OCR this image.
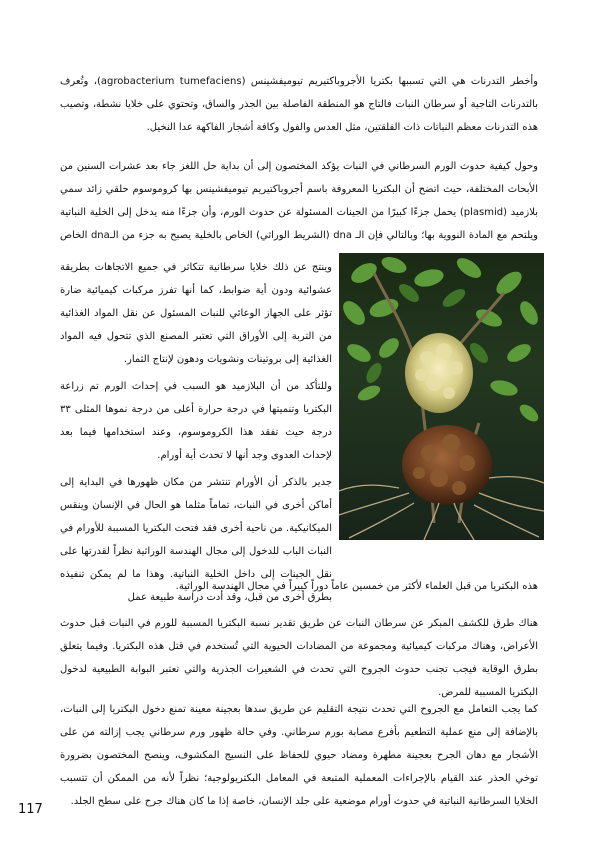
وأخطر التدرنات هي التي تسببها بكتريا الأجروباكتيريم تيوميفشينس (agrobacterium tumefaciens)، وتُعرف بالتدرنات التاجية أو سرطان النبات فالتاج هو المنطقة الفاصلة بين الجذر والساق، وتحتوي على خلايا نشطة، وتصيب هذه التدرنات معظم النباتات ذات الفلقتين، مثل العدس والفول وكافة أشجار الفاكهة عدا النخيل.

وحول كيفية حدوث الورم السرطاني في النبات يؤكد المختصون إلى أن بداية حل اللغز جاء بعد عشرات السنين من الأبحاث المختلفة، حيث اتضح أن البكتريا المعروفة باسم أجروباكتيريم تيوميفشينس بها كروموسوم حلقي زائد سمي بلازميد (plasmid) يحمل جزءًا كبيرًا من الجينات المسئولة عن حدوث الورم، وأن جزءًا منه يدخل إلى الخلية النباتية ويلتحم مع المادة النووية بها؛ وبالتالي فإن الـ dna (الشريط الوراثي) الخاص بالخلية يصبح به جزء من الـdna الخاص

وينتج عن ذلك خلايا سرطانية تتكاثر في جميع الاتجاهات بطريقة عشوائية ودون أية ضوابط، كما أنها تفرز مركبات كيميائية ضارة تؤثر على الجهاز الوعائي للنبات المسئول عن نقل المواد الغذائية من التربة إلى الأوراق التي تعتبر المصنع الذي تتحول فيه المواد الغذائية إلى بروتينات ونشويات ودهون لإنتاج الثمار.

وللتأكد من أن البلازميد هو السبب في إحداث الورم تم زراعة البكتريا وتنميتها في درجة حرارة أعلى من درجة نموها المثلى ٣٣ درجة حيث تفقد هذا الكروموسوم، وعند استخدامها فيما بعد لإحداث العدوى وجد أنها لا تحدث أية أورام.

جدير بالذكر أن الأورام تنتشر من مكان ظهورها في البداية إلى أماكن أخرى في النبات، تماماً مثلما هو الحال في الإنسان وينقس الميكانيكية. من ناحية أخرى فقد فتحت البكتريا المسببة للأورام في النبات الباب للدخول إلى مجال الهندسة الوراثية نظراً لقدرتها على نقل الجينات إلى داخل الخلية النباتية. وهذا ما لم يمكن تنفيذه بطرق أخرى من قبل، وقد أدت دراسة طبيعة عمل

هذه البكتريا من قبل العلماء لأكثر من خمسين عاماً دوراً كبيراً في مجال الهندسة الوراثية.

هناك طرق للكشف المبكر عن سرطان النبات عن طريق تقدير نسبة البكتريا المسببة للورم في النبات قبل حدوث الأعراض، وهناك مركبات كيميائية ومجموعة من المضادات الحيوية التي تُستخدم في قتل هذه البكتريا. وفيما يتعلق بطرق الوقاية فيجب تجنب حدوث الجروح التي تحدث في الشعيرات الجذرية والتي تعتبر البوابة الطبيعية لدخول البكتريا المسببة للمرض.

كما يجب التعامل مع الجروح التي تحدث نتيجة التقليم عن طريق سدها بعجينة معينة تمنع دخول البكتريا إلى النبات، بالإضافة إلى منع عملية التطعيم بأفرع مصابة بورم سرطاني. وفي حالة ظهور ورم سرطاني يجب إزالته من على الأشجار مع دهان الجرح بعجينة مطهرة ومضاد حيوي للحفاظ على النسيج المكشوف، وينصح المختصون بضرورة توخي الحذر عند القيام بالإجراءات المعملية المتبعة في المعامل البكتريولوجية؛ نظراً لأنه من الممكن أن تتسبب الخلايا السرطانية النباتية في حدوث أورام موضعية على جلد الإنسان، خاصة إذا ما كان هناك جرح على سطح الجلد.

117
